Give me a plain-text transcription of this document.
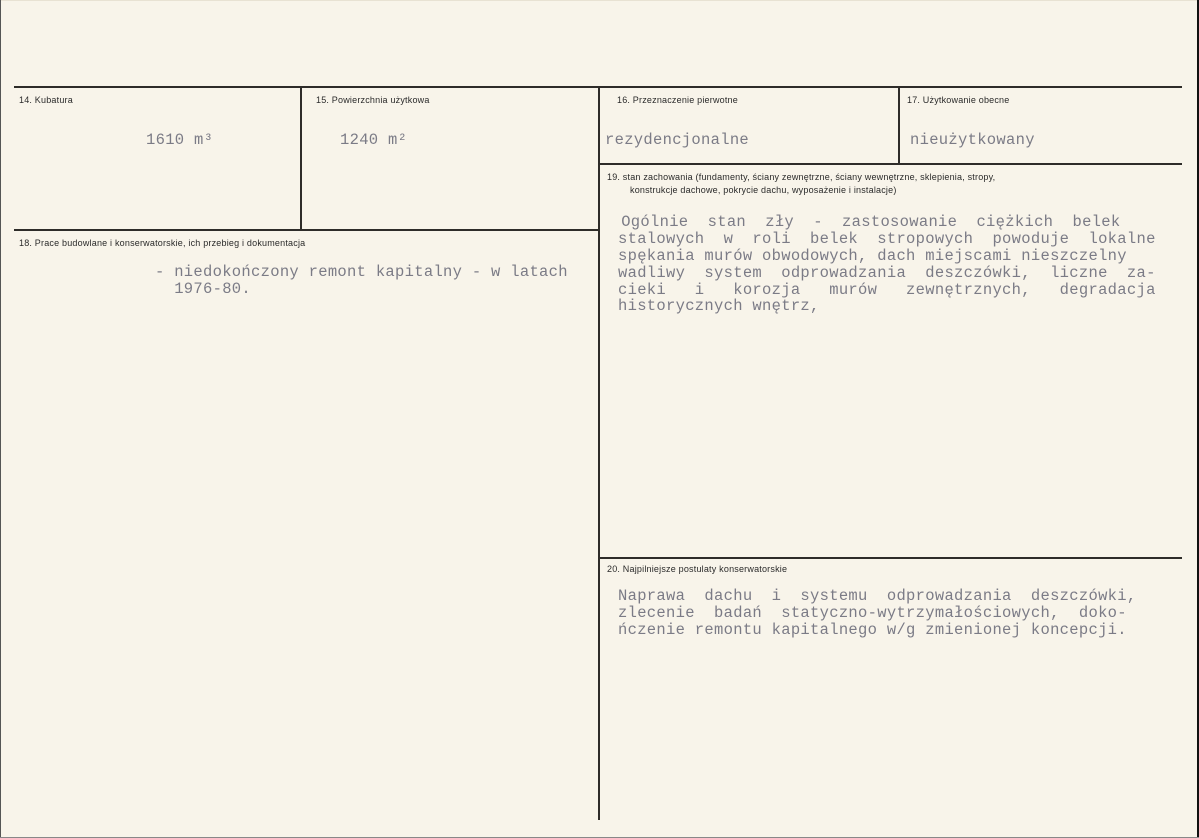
14. Kubatura
1610 m³
15. Powierzchnia użytkowa
1240 m²
16. Przeznaczenie pierwotne
rezydencjonalne
17. Użytkowanie obecne
nieużytkowany
18. Prace budowlane i konserwatorskie, ich przebieg i dokumentacja
- niedokończony remont kapitalny - w latach
1976-80.
19. stan zachowania (fundamenty, ściany zewnętrzne, ściany wewnętrzne, sklepienia, stropy,
konstrukcje dachowe, pokrycie dachu, wyposażenie i instalacje)
Ogólnie  stan  zły  -  zastosowanie  ciężkich  belek
stalowych  w  roli  belek  stropowych  powoduje  lokalne
spękania murów obwodowych, dach miejscami nieszczelny
wadliwy  system  odprowadzania  deszczówki,  liczne  za-
cieki   i   korozja   murów   zewnętrznych,   degradacja
historycznych wnętrz,
20. Najpilniejsze postulaty konserwatorskie
Naprawa  dachu  i  systemu  odprowadzania  deszczówki,
zlecenie  badań  statyczno-wytrzymałościowych,  doko-
ńczenie remontu kapitalnego w/g zmienionej koncepcji.
